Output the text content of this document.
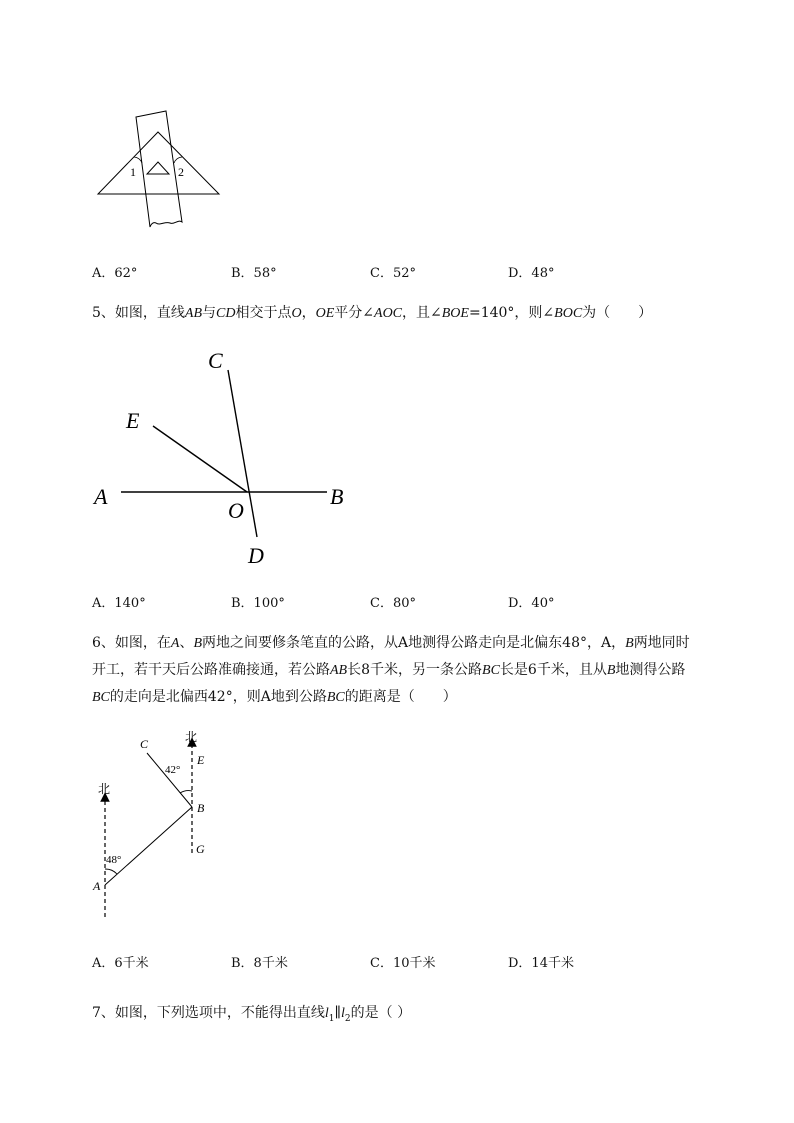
1	2
A．62°	B．58°	C．52°	D．48°
5、如图，直线AB与CD相交于点O，OE平分∠AOC，且∠BOE=140°，则∠BOC为（　　）
C
E
A
O
B
D
A．140°	B．100°	C．80°	D．40°
6、如图，在A、B两地之间要修条笔直的公路，从A地测得公路走向是北偏东48°，A，B两地同时
开工，若干天后公路准确接通，若公路AB长8千米，另一条公路BC长是6千米，且从B地测得公路
BC的走向是北偏西42°，则A地到公路BC的距离是（　　）
北
北
C
E
42°
B
G
48°
A
A．6千米	B．8千米	C．10千米	D．14千米
7、如图，下列选项中，不能得出直线$l_1\parallel l_2$的是（ ）
